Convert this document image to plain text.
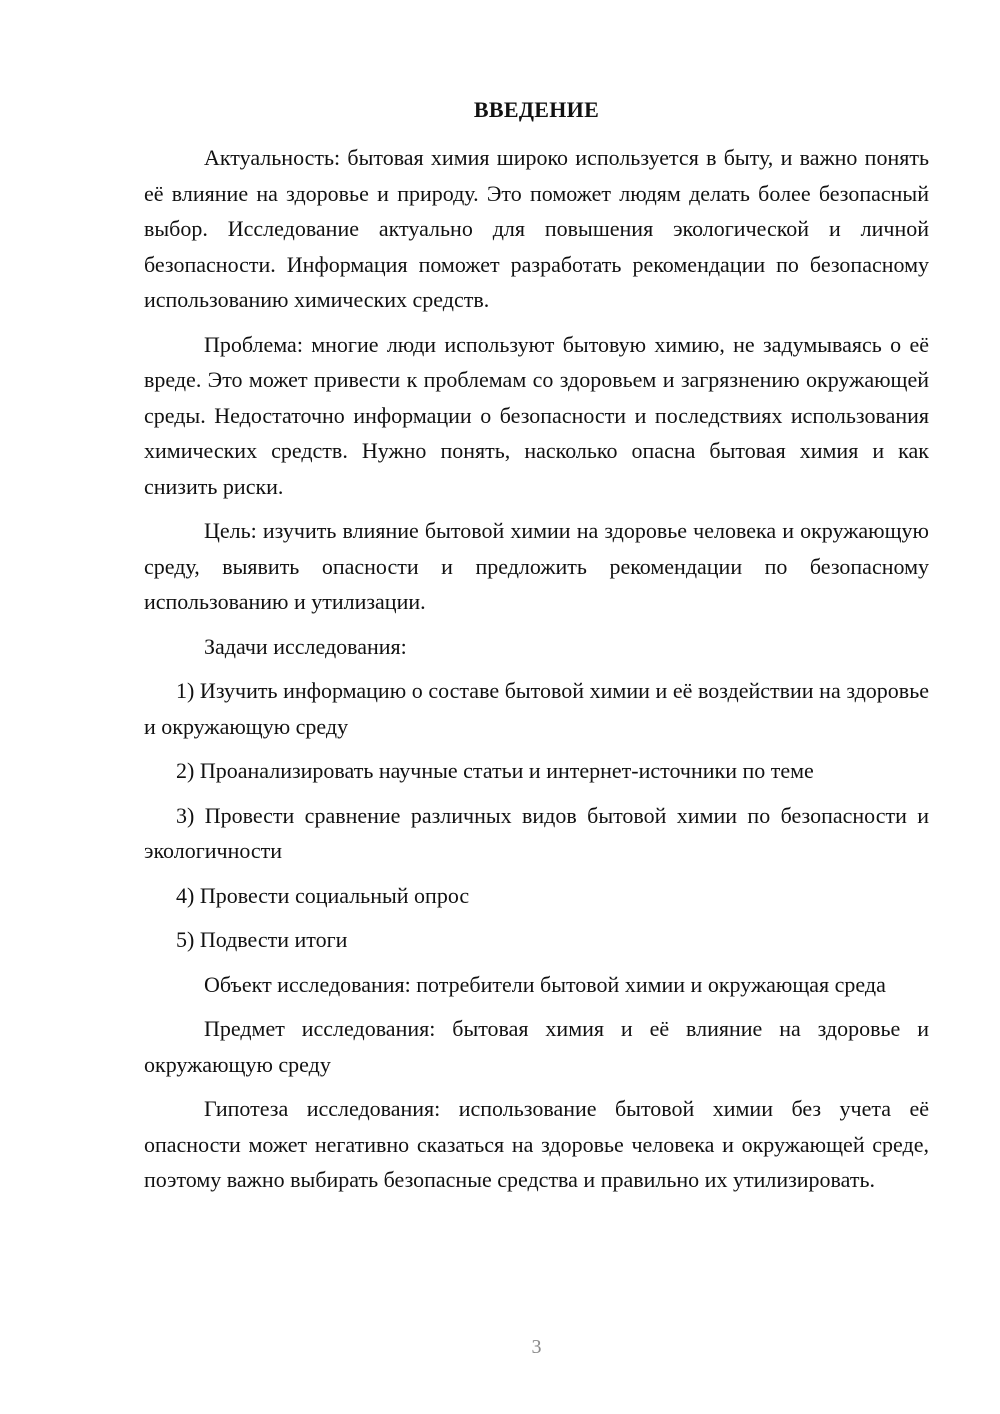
ВВЕДЕНИЕ

Актуальность: бытовая химия широко используется в быту, и важно понять её влияние на здоровье и природу. Это поможет людям делать более безопасный выбор. Исследование актуально для повышения экологической и личной безопасности. Информация поможет разработать рекомендации по безопасному использованию химических средств.

Проблема: многие люди используют бытовую химию, не задумываясь о её вреде. Это может привести к проблемам со здоровьем и загрязнению окружающей среды. Недостаточно информации о безопасности и последствиях использования химических средств. Нужно понять, насколько опасна бытовая химия и как снизить риски.

Цель: изучить влияние бытовой химии на здоровье человека и окружающую среду, выявить опасности и предложить рекомендации по безопасному использованию и утилизации.

Задачи исследования:

1) Изучить информацию о составе бытовой химии и её воздействии на здоровье и окружающую среду

2) Проанализировать научные статьи и интернет-источники по теме

3) Провести сравнение различных видов бытовой химии по безопасности и экологичности

4) Провести социальный опрос

5) Подвести итоги

Объект исследования: потребители бытовой химии и окружающая среда

Предмет исследования: бытовая химия и её влияние на здоровье и окружающую среду

Гипотеза исследования: использование бытовой химии без учета её опасности может негативно сказаться на здоровье человека и окружающей среде, поэтому важно выбирать безопасные средства и правильно их утилизировать.

3
